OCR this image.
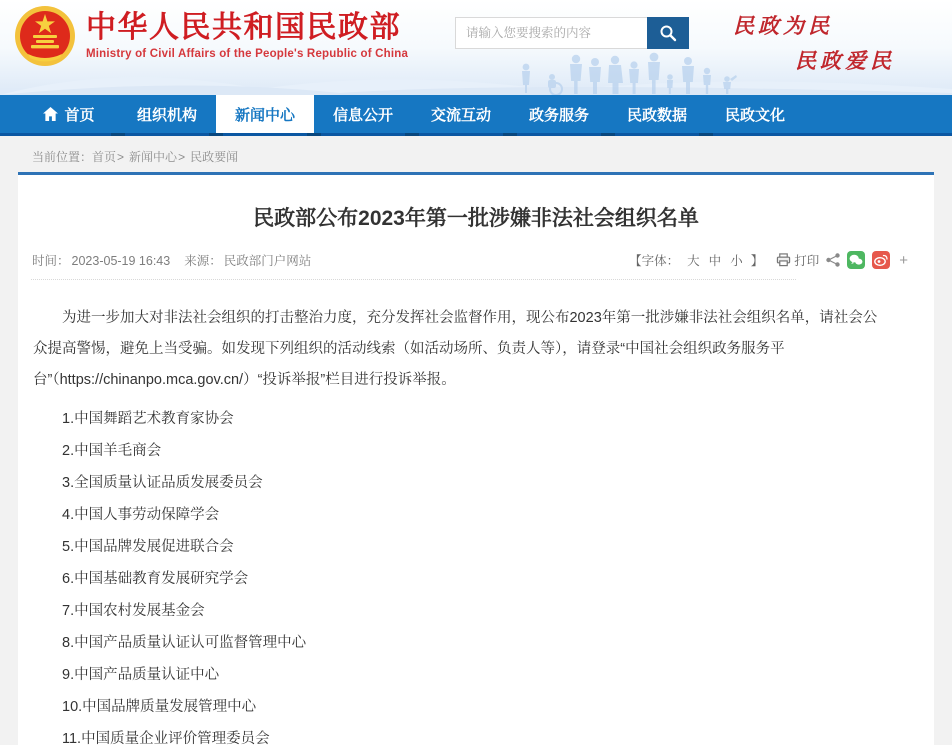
中华人民共和国民政部
Ministry of Civil Affairs of the People's Republic of China
请输入您要搜索的内容
民政为民
民政爱民
首页	组织机构	新闻中心	信息公开	交流互动	政务服务	民政数据	民政文化
当前位置：首页> 新闻中心> 民政要闻
民政部公布2023年第一批涉嫌非法社会组织名单
时间： 2023-05-19 16:43 来源： 民政部门户网站	【字体： 大 中 小 】 打印	+

为进一步加大对非法社会组织的打击整治力度，充分发挥社会监督作用，现公布2023年第一批涉嫌非法社会组织名单，请社会公众提高警惕，避免上当受骗。如发现下列组织的活动线索（如活动场所、负责人等），请登录“中国社会组织政务服务平台”（https://chinanpo.mca.gov.cn/）“投诉举报”栏目进行投诉举报。

1.中国舞蹈艺术教育家协会
2.中国羊毛商会
3.全国质量认证品质发展委员会
4.中国人事劳动保障学会
5.中国品牌发展促进联合会
6.中国基础教育发展研究学会
7.中国农村发展基金会
8.中国产品质量认证认可监督管理中心
9.中国产品质量认证中心
10.中国品牌质量发展管理中心
11.中国质量企业评价管理委员会
